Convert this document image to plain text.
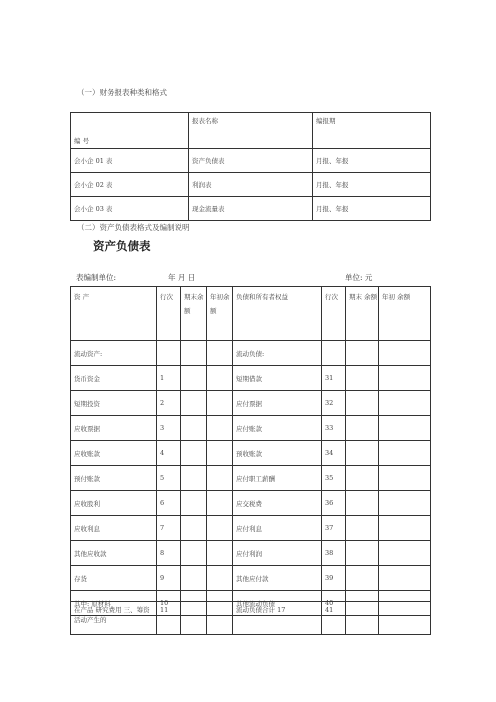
（一）财务报表种类和格式
编 号	报表名称	编报期
会小企 01 表	资产负债表	月报、年报
会小企 02 表	利润表	月报、年报
会小企 03 表	现金流量表	月报、年报
（二）资产负债表格式及编制说明
资产负债表
表编制单位:	年 月 日	单位: 元
资 产	行次	期末余额	年初余额	负债和所有者权益	行次	期末 余额	年初 余额
流动资产:				流动负债:			
货币资金	1			短期借款	31		
短期投资	2			应付票据	32		
应收票据	3			应付账款	33		
应收账款	4			预收账款	34		
预付账款	5			应付职工薪酬	35		
应收股利	6			应交税费	36		
应收利息	7			应付利息	37		
其他应收款	8			应付利润	38		
存货	9			其他应付款	39		
其中: 原材料	10			其他流动负债	40		
在产品 研究费用 三、筹资活动产生的	11			流动负债合计 17	41		
